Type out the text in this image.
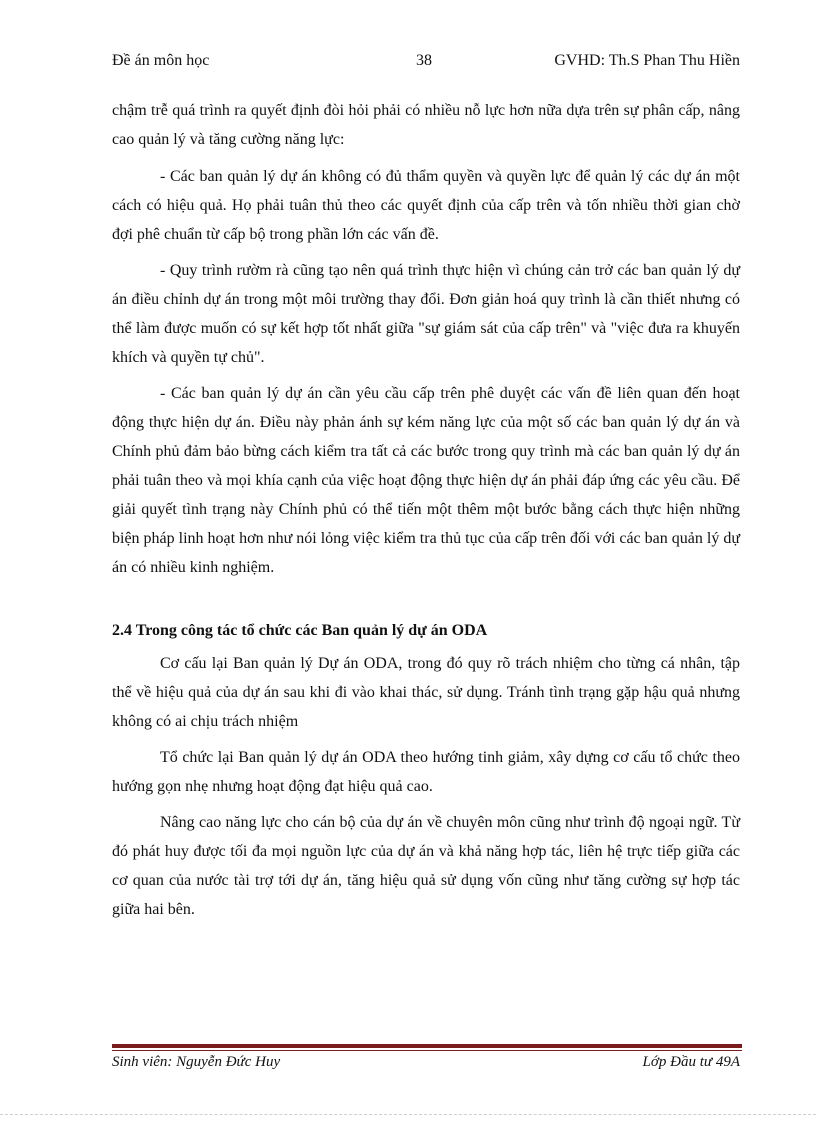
Đề án môn học	38	GVHD: Th.S Phan Thu Hiền

chậm trễ quá trình ra quyết định đòi hỏi phải có nhiều nỗ lực hơn nữa dựa trên sự phân cấp, nâng cao quản lý và tăng cường năng lực:

- Các ban quản lý dự án không có đủ thẩm quyền và quyền lực để quản lý các dự án một cách có hiệu quả. Họ phải tuân thủ theo các quyết định của cấp trên và tốn nhiều thời gian chờ đợi phê chuẩn từ cấp bộ trong phần lớn các vấn đề.

- Quy trình rườm rà cũng tạo nên quá trình thực hiện vì chúng cản trở các ban quản lý dự án điều chỉnh dự án trong một môi trường thay đổi. Đơn giản hoá quy trình là cần thiết nhưng có thể làm được muốn có sự kết hợp tốt nhất giữa "sự giám sát của cấp trên" và "việc đưa ra khuyến khích và quyền tự chủ".

- Các ban quản lý dự án cần yêu cầu cấp trên phê duyệt các vấn đề liên quan đến hoạt động thực hiện dự án. Điều này phản ánh sự kém năng lực của một số các ban quản lý dự án và Chính phủ đảm bảo bừng cách kiểm tra tất cả các bước trong quy trình mà các ban quản lý dự án phải tuân theo và mọi khía cạnh của việc hoạt động thực hiện dự án phải đáp ứng các yêu cầu. Để giải quyết tình trạng này Chính phủ có thể tiến một thêm một bước bằng cách thực hiện những biện pháp linh hoạt hơn như nói lỏng việc kiểm tra thủ tục của cấp trên đối với các ban quản lý dự án có nhiều kinh nghiệm.

2.4 Trong công tác tổ chức các Ban quản lý dự án ODA

Cơ cấu lại Ban quản lý Dự án ODA, trong đó quy rõ trách nhiệm cho từng cá nhân, tập thể về hiệu quả của dự án sau khi đi vào khai thác, sử dụng. Tránh tình trạng gặp hậu quả nhưng không có ai chịu trách nhiệm

Tổ chức lại Ban quản lý dự án ODA theo hướng tinh giảm, xây dựng cơ cấu tổ chức theo hướng gọn nhẹ nhưng hoạt động đạt hiệu quả cao.

Nâng cao năng lực cho cán bộ của dự án về chuyên môn cũng như trình độ ngoại ngữ. Từ đó phát huy được tối đa mọi nguồn lực của dự án và khả năng hợp tác, liên hệ trực tiếp giữa các cơ quan của nước tài trợ tới dự án, tăng hiệu quả sử dụng vốn cũng như tăng cường sự hợp tác giữa hai bên.

Sinh viên: Nguyễn Đức Huy	Lớp Đầu tư 49A
